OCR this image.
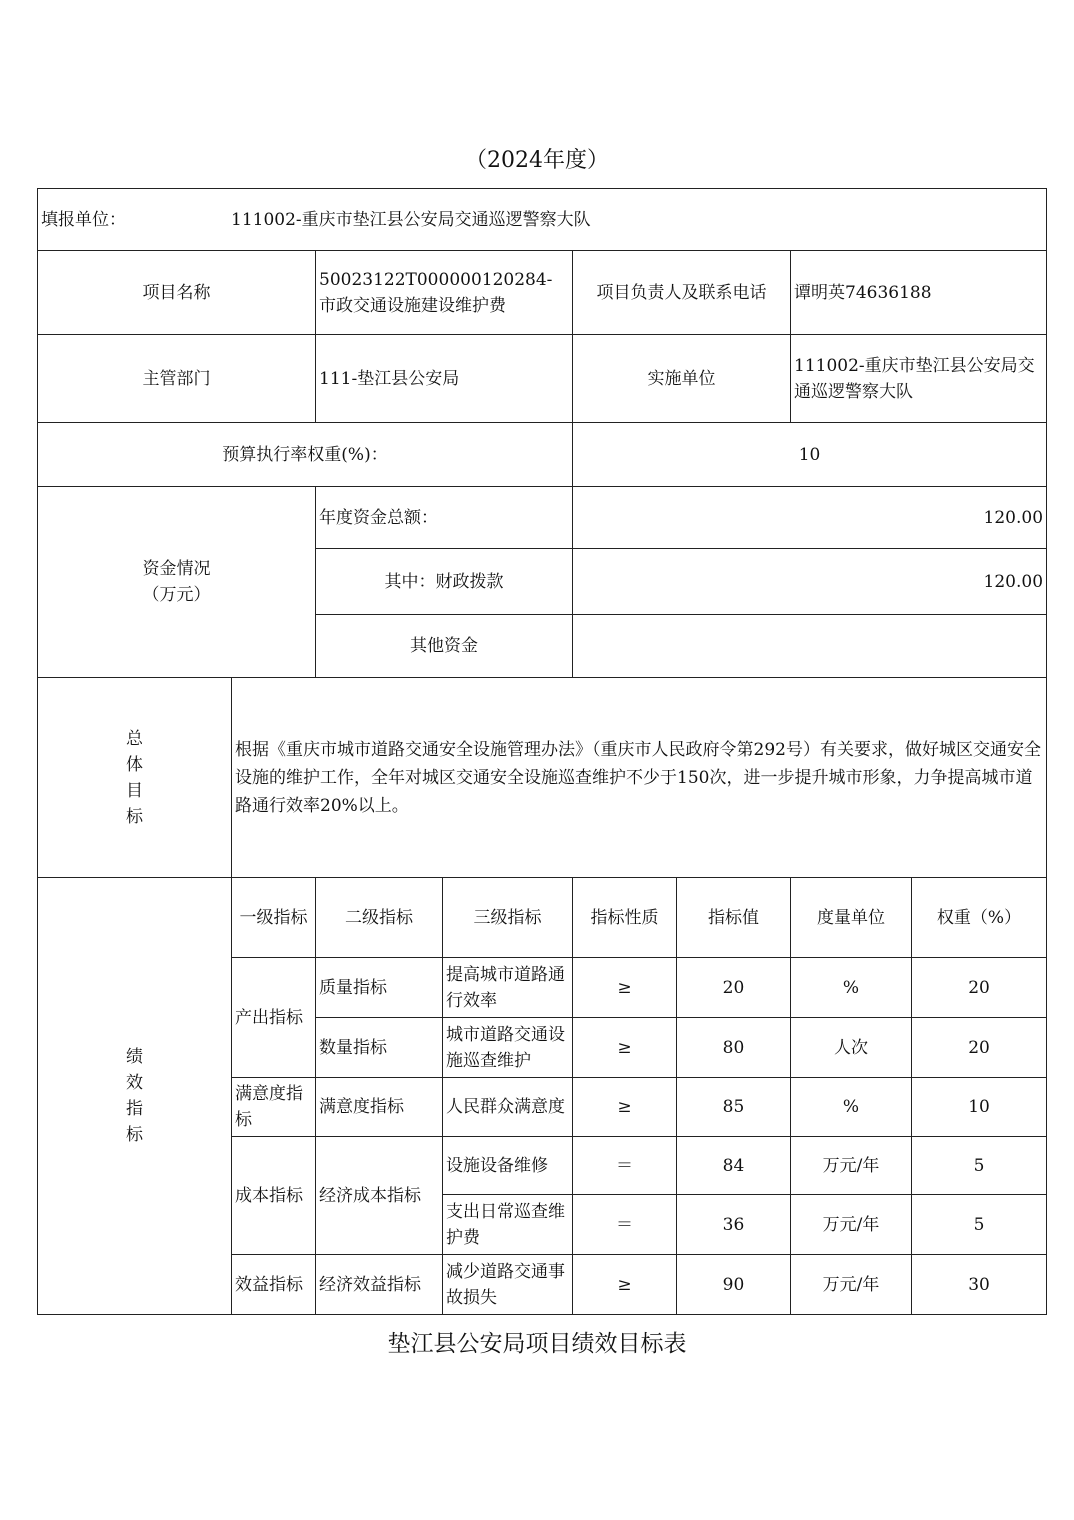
（2024年度）
填报单位： 111002-重庆市垫江县公安局交通巡逻警察大队							
项目名称		50023122T000000120284-市政交通设施建设维护费		项目负责人及联系电话		谭明英74636188	
主管部门		111-垫江县公安局		实施单位		111002-重庆市垫江县公安局交通巡逻警察大队	
预算执行率权重(%)：				10			

资金情况
（万元）		年度资金总额：		120.00			
		其中：财政拨款		120.00			
		其他资金					

总
体
目
标	根据《重庆市城市道路交通安全设施管理办法》（重庆市人民政府令第292号）有关要求，做好城区交通安全设施的维护工作，全年对城区交通安全设施巡查维护不少于150次，进一步提升城市形象，力争提高城市道路通行效率20%以上。						

绩
效
指
标	一级指标	二级指标	三级指标	指标性质	指标值	度量单位	权重（%）
	产出指标	质量指标	提高城市道路通行效率	≥	20	%	20
		数量指标	城市道路交通设施巡查维护	≥	80	人次	20
	满意度指标	满意度指标	人民群众满意度	≥	85	%	10
	成本指标	经济成本指标	设施设备维修	＝	84	万元/年	5
			支出日常巡查维护费	＝	36	万元/年	5
	效益指标	经济效益指标	减少道路交通事故损失	≥	90	万元/年	30
垫江县公安局项目绩效目标表
